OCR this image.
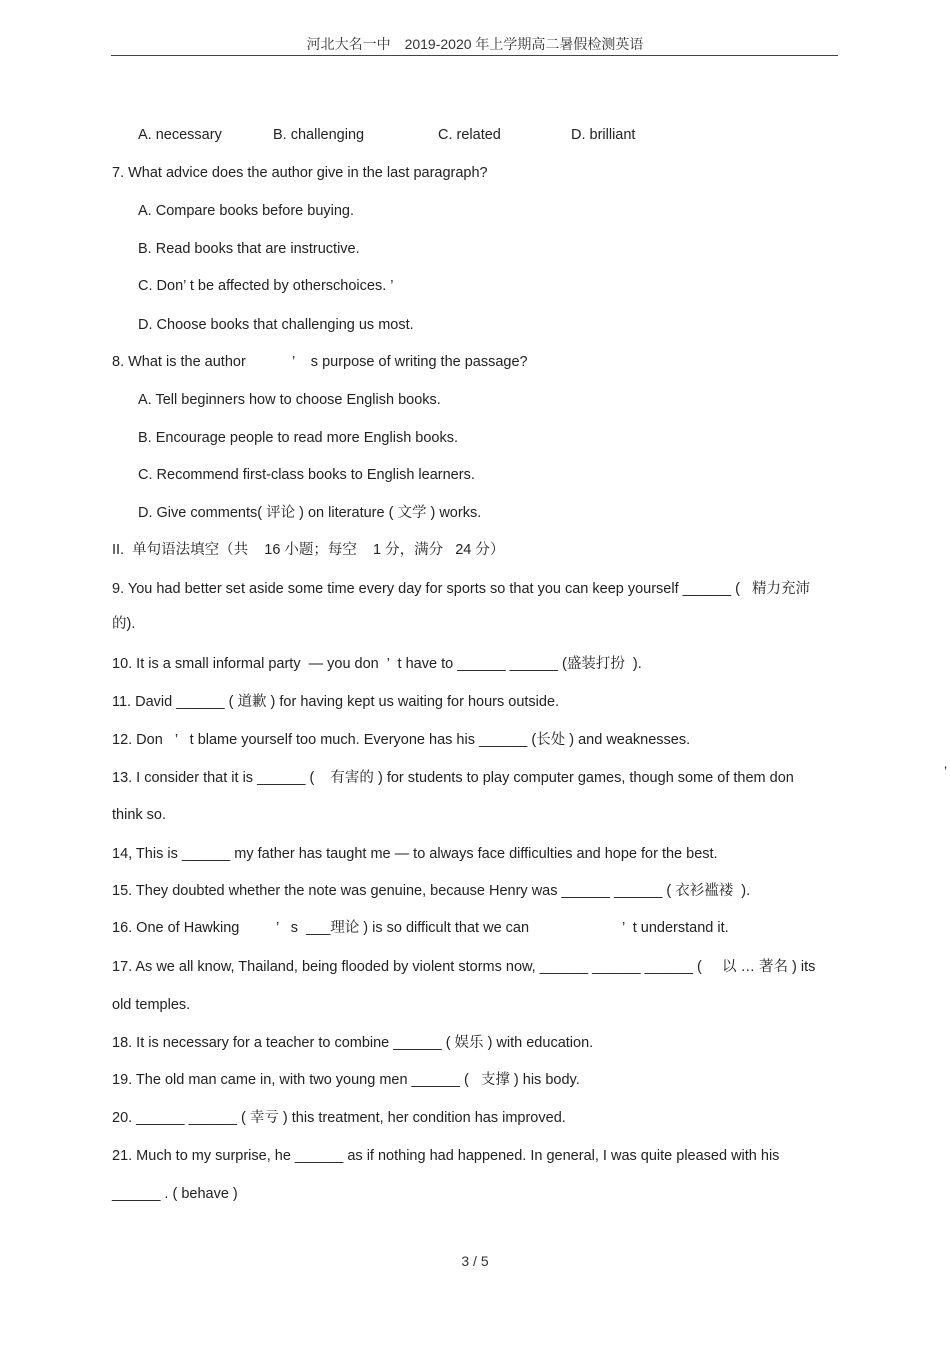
河北大名一中　2019-2020 年上学期高二暑假检测英语
A. necessary	B. challenging	C. related	D. brilliant
7. What advice does the author give in the last paragraph?
A. Compare books before buying.
B. Read books that are instructive.
C. Don’ t be affected by otherschoices. ’
D. Choose books that challenging us most.
8. What is the author	’    s purpose of writing the passage?
A. Tell beginners how to choose English books.
B. Encourage people to read more English books.
C. Recommend first-class books to English learners.
D. Give comments( 评论 ) on literature ( 文学 ) works.
II.  单句语法填空（共    16 小题；每空    1 分，满分   24 分）
9. You had better set aside some time every day for sports so that you can keep yourself ______ (   精力充沛
的).
10. It is a small informal party  — you don  ’  t have to ______ ______ (盛装打扮  ).
11. David ______ ( 道歉 ) for having kept us waiting for hours outside.
12. Don   ’   t blame yourself too much. Everyone has his ______ (长处 ) and weaknesses.
13. I consider that it is ______ (    有害的 ) for students to play computer games, though some of them don	’
think so.
14, This is ______ my father has taught me — to always face difficulties and hope for the best.
15. They doubted whether the note was genuine, because Henry was ______ ______ ( 衣衫褴褛  ).
16. One of Hawking	’   s  ___理论 ) is so difficult that we can	’  t understand it.
17. As we all know, Thailand, being flooded by violent storms now, ______ ______ ______ (     以 … 著名 ) its
old temples.
18. It is necessary for a teacher to combine ______ ( 娱乐 ) with education.
19. The old man came in, with two young men ______ (   支撑 ) his body.
20. ______ ______ ( 幸亏 ) this treatment, her condition has improved.
21. Much to my surprise, he ______ as if nothing had happened. In general, I was quite pleased with his
______ . ( behave )
3 / 5
